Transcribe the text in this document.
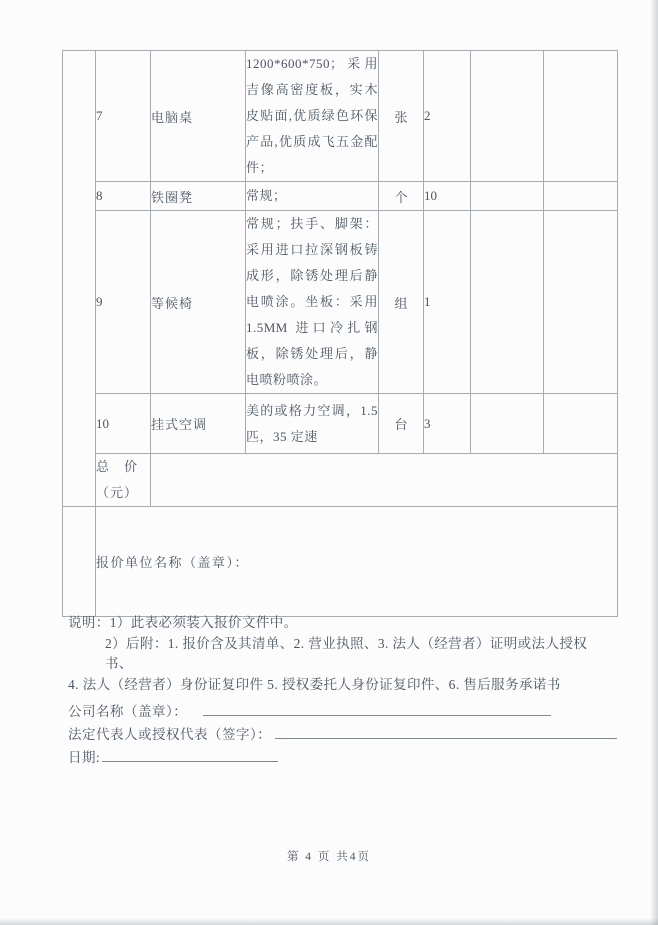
	7	电脑桌	1200*600*750；采用吉像高密度板，实木皮贴面,优质绿色环保产品,优质成飞五金配件；	张	2		
	8	铁圈凳	常规；	个	10		
	9	等候椅	常规；扶手、脚架：采用进口拉深钢板铸成形，除锈处理后静电喷涂。坐板：采用 1.5MM 进口冷扎钢板，除锈处理后，静电喷粉喷涂。	组	1		
	10	挂式空调	美的或格力空调，1.5匹，35 定速	台	3		

	总　价
（元）						

	报价单位名称（盖章）：						
说明：1）此表必须装入报价文件中。
2）后附：1. 报价含及其清单、2. 营业执照、3. 法人（经营者）证明或法人授权书、
4. 法人（经营者）身份证复印件 5. 授权委托人身份证复印件、6. 售后服务承诺书
公司名称（盖章）：
法定代表人或授权代表（签字）：
日期:
第 4 页 共4页
